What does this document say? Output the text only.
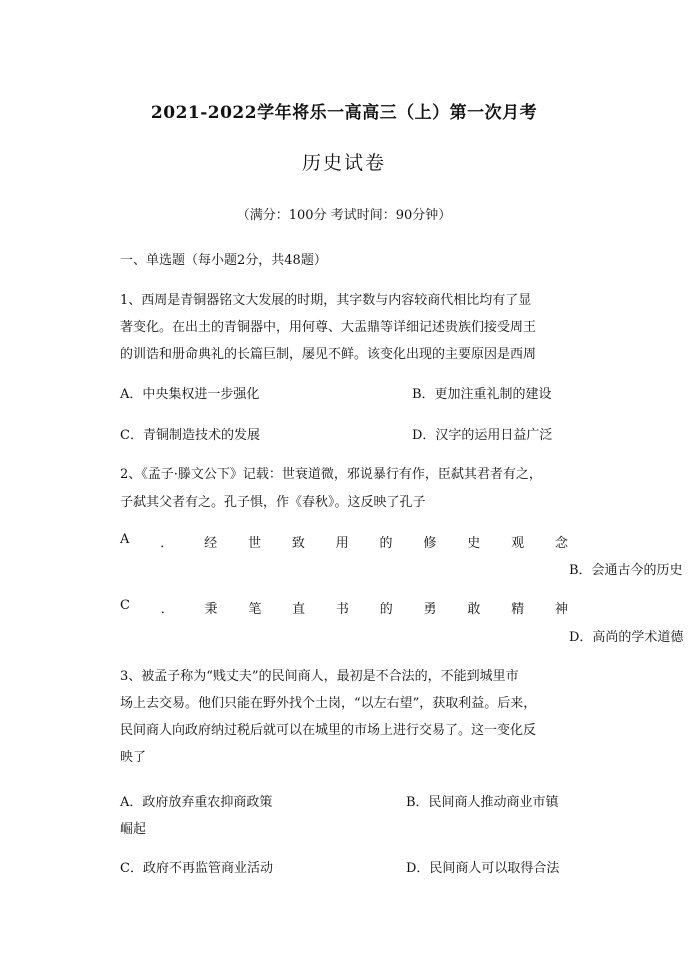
2021-2022学年将乐一高高三（上）第一次月考
历史试卷
（满分：100分 考试时间：90分钟）
一、单选题（每小题2分，共48题）
1、西周是青铜器铭文大发展的时期，其字数与内容较商代相比均有了显
著变化。在出土的青铜器中，用何尊、大盂鼎等详细记述贵族们接受周王
的训诰和册命典礼的长篇巨制，屡见不鲜。该变化出现的主要原因是西周
A．中央集权进一步强化	B．更加注重礼制的建设
C．青铜制造技术的发展	D．汉字的运用日益广泛
2、《孟子·滕文公下》记载：世衰道微，邪说暴行有作，臣弑其君者有之，
子弑其父者有之。孔子惧，作《春秋》。这反映了孔子
A ． 经 世 致 用 的 修 史 观 念
B．会通古今的历史
C ． 秉 笔 直 书 的 勇 敢 精 神
D．高尚的学术道德
3、被孟子称为“贱丈夫”的民间商人，最初是不合法的，不能到城里市
场上去交易。他们只能在野外找个土岗，“以左右望”，获取利益。后来，
民间商人向政府纳过税后就可以在城里的市场上进行交易了。这一变化反
映了
A．政府放弃重农抑商政策	B．民间商人推动商业市镇
崛起
C．政府不再监管商业活动	D．民间商人可以取得合法
